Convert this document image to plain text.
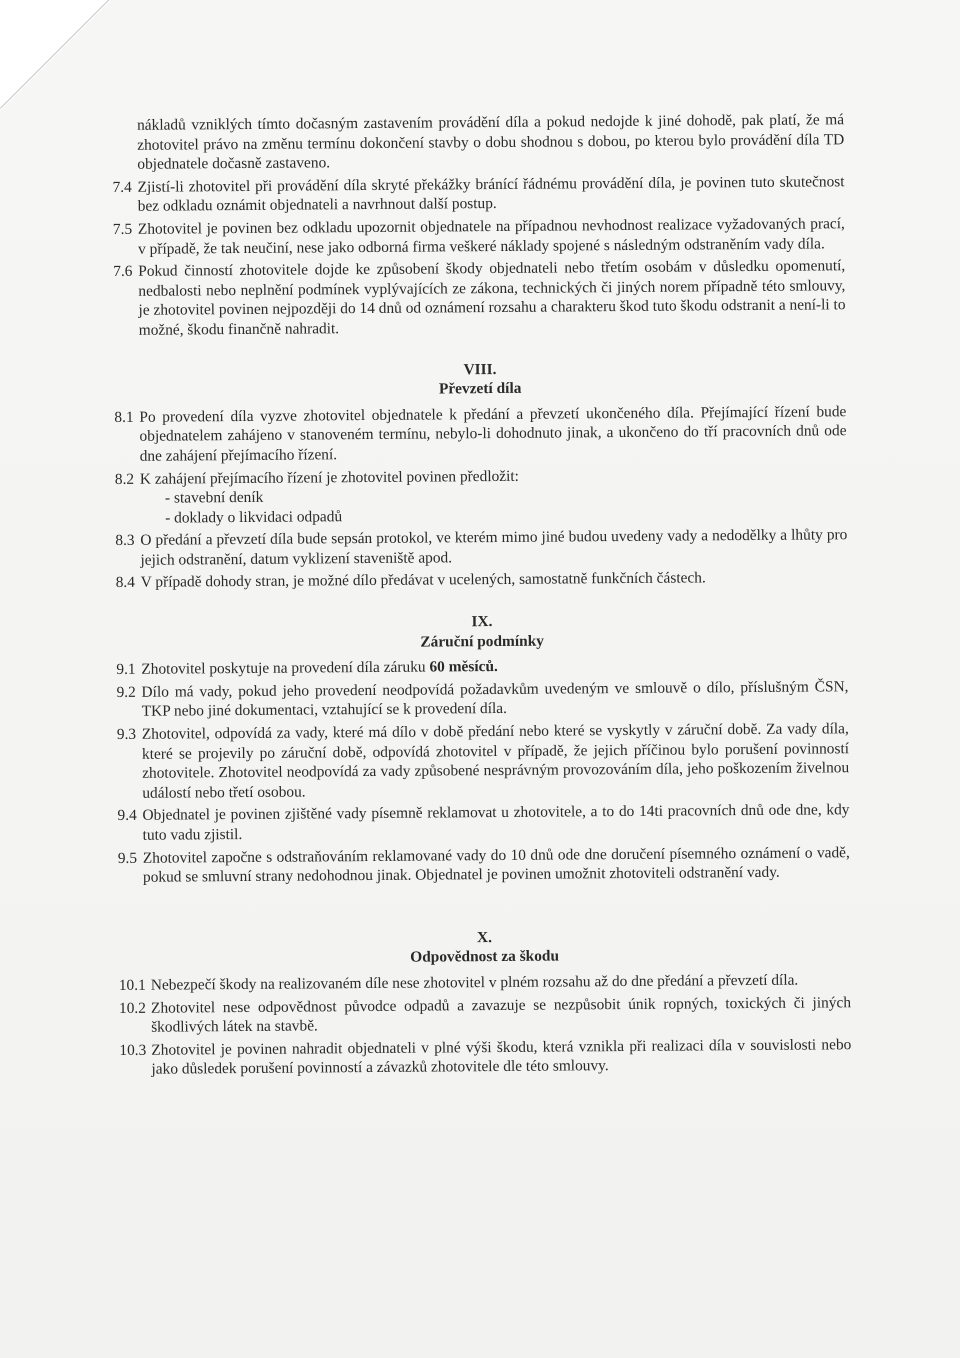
nákladů vzniklých tímto dočasným zastavením provádění díla a pokud nedojde k jiné dohodě, pak platí, že má zhotovitel právo na změnu termínu dokončení stavby o dobu shodnou s dobou, po kterou bylo provádění díla TD objednatele dočasně zastaveno.

7.4 Zjistí-li zhotovitel při provádění díla skryté překážky bránící řádnému provádění díla, je povinen tuto skutečnost bez odkladu oznámit objednateli a navrhnout další postup.
7.5 Zhotovitel je povinen bez odkladu upozornit objednatele na případnou nevhodnost realizace vyžadovaných prací, v případě, že tak neučiní, nese jako odborná firma veškeré náklady spojené s následným odstraněním vady díla.
7.6 Pokud činností zhotovitele dojde ke způsobení škody objednateli nebo třetím osobám v důsledku opomenutí, nedbalosti nebo neplnění podmínek vyplývajících ze zákona, technických či jiných norem případně této smlouvy, je zhotovitel povinen nejpozději do 14 dnů od oznámení rozsahu a charakteru škod tuto škodu odstranit a není-li to možné, škodu finančně nahradit.
VIII.
Převzetí díla
8.1 Po provedení díla vyzve zhotovitel objednatele k předání a převzetí ukončeného díla. Přejímající řízení bude objednatelem zahájeno v stanoveném termínu, nebylo-li dohodnuto jinak, a ukončeno do tří pracovních dnů ode dne zahájení přejímacího řízení.
8.2 K zahájení přejímacího řízení je zhotovitel povinen předložit:

- stavební deník

- doklady o likvidaci odpadů

8.3 O předání a převzetí díla bude sepsán protokol, ve kterém mimo jiné budou uvedeny vady a nedodělky a lhůty pro jejich odstranění, datum vyklizení staveniště apod.
8.4 V případě dohody stran, je možné dílo předávat v ucelených, samostatně funkčních částech.
IX.
Záruční podmínky
9.1 Zhotovitel poskytuje na provedení díla záruku 60 měsíců.
9.2 Dílo má vady, pokud jeho provedení neodpovídá požadavkům uvedeným ve smlouvě o dílo, příslušným ČSN, TKP nebo jiné dokumentaci, vztahující se k provedení díla.
9.3 Zhotovitel, odpovídá za vady, které má dílo v době předání nebo které se vyskytly v záruční době. Za vady díla, které se projevily po záruční době, odpovídá zhotovitel v případě, že jejich příčinou bylo porušení povinností zhotovitele. Zhotovitel neodpovídá za vady způsobené nesprávným provozováním díla, jeho poškozením živelnou událostí nebo třetí osobou.
9.4 Objednatel je povinen zjištěné vady písemně reklamovat u zhotovitele, a to do 14ti pracovních dnů ode dne, kdy tuto vadu zjistil.
9.5 Zhotovitel započne s odstraňováním reklamované vady do 10 dnů ode dne doručení písemného oznámení o vadě, pokud se smluvní strany nedohodnou jinak. Objednatel je povinen umožnit zhotoviteli odstranění vady.
X.
Odpovědnost za škodu
10.1 Nebezpečí škody na realizovaném díle nese zhotovitel v plném rozsahu až do dne předání a převzetí díla.
10.2 Zhotovitel nese odpovědnost původce odpadů a zavazuje se nezpůsobit únik ropných, toxických či jiných škodlivých látek na stavbě.
10.3 Zhotovitel je povinen nahradit objednateli v plné výši škodu, která vznikla při realizaci díla v souvislosti nebo jako důsledek porušení povinností a závazků zhotovitele dle této smlouvy.
